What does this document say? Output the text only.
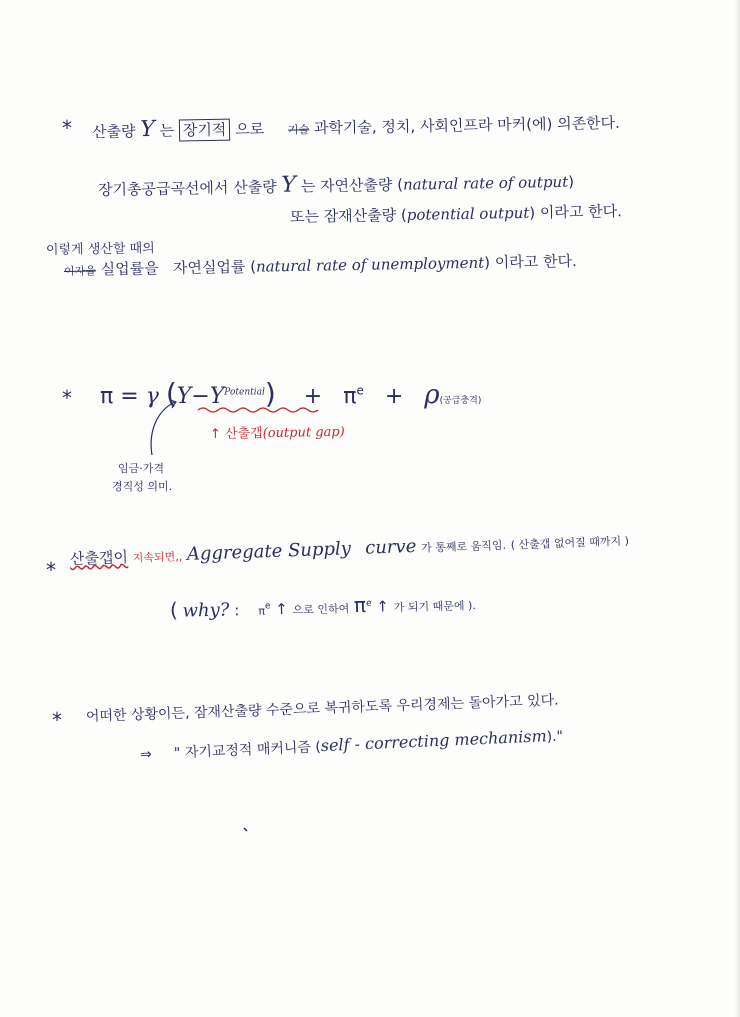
* 산출량 Y 는 장기적 으로 기술 과학기술, 정치, 사회인프라 마커(에) 의존한다.
장기총공급곡선에서 산출량 Y 는 자연산출량 (natural rate of output)
또는 잠재산출량 (potential output) 이라고 한다.
이렇게 생산할 때의
이자율 실업률을 자연실업률 (natural rate of unemployment) 이라고 한다.
* π = γ $(Y-Y^{Potential}) + \pi^e + \rho$(공급충격)
↑ 산출갭(output gap)
임금·가격
경직성 의미.
*
산출갭이 지속되면,, Aggregate Supply curve 가 통째로 움직임. ( 산출갭 없어질 때까지 )
( why? : $\pi^e$ ↑ 으로 인하여 $\pi^e$ ↑ 가 되기 때문에 ).
* 어떠한 상황이든, 잠재산출량 수준으로 복귀하도록 우리경제는 돌아가고 있다.
⇒ " 자기교정적 매커니즘 (self - correcting mechanism)."
